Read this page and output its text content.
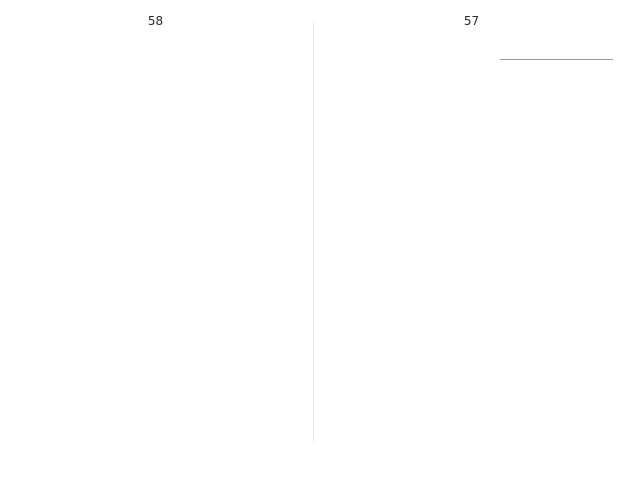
58	57
